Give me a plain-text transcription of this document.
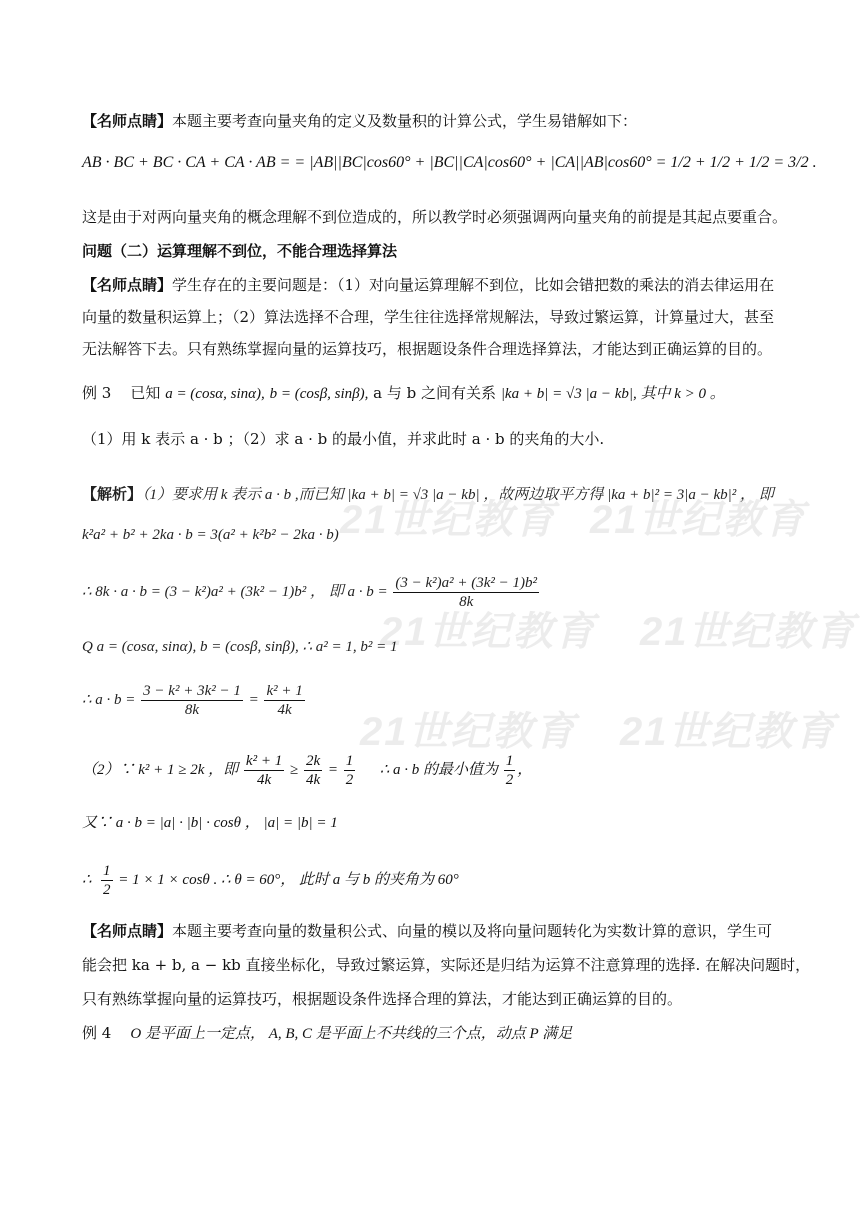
21世纪教育 21世纪教育
21世纪教育 21世纪教育
21世纪教育 21世纪教育
【名师点睛】本题主要考查向量夹角的定义及数量积的计算公式，学生易错解如下：
AB · BC + BC · CA + CA · AB = = |AB||BC|cos60° + |BC||CA|cos60° + |CA||AB|cos60° = 1/2 + 1/2 + 1/2 = 3/2 .
这是由于对两向量夹角的概念理解不到位造成的，所以教学时必须强调两向量夹角的前提是其起点要重合。
问题（二）运算理解不到位，不能合理选择算法
【名师点睛】学生存在的主要问题是：（1）对向量运算理解不到位，比如会错把数的乘法的消去律运用在
向量的数量积运算上；（2）算法选择不合理，学生往往选择常规解法，导致过繁运算，计算量过大，甚至
无法解答下去。只有熟练掌握向量的运算技巧，根据题设条件合理选择算法，才能达到正确运算的目的。
例 3 已知 a = (cosα, sinα), b = (cosβ, sinβ), a 与 b 之间有关系 |ka + b| = √3 |a − kb|, 其中 k > 0 。
（1）用 k 表示 a · b ；（2）求 a · b 的最小值，并求此时 a · b 的夹角的大小.
【解析】（1）要求用 k 表示 a · b ,而已知 |ka + b| = √3 |a − kb| ，故两边取平方得 |ka + b|² = 3|a − kb|² ， 即
k²a² + b² + 2ka · b = 3(a² + k²b² − 2ka · b)
∴ 8k · a · b = (3 − k²)a² + (3k² − 1)b² ， 即 $a \cdot b = \frac{\text{(3 − k²)a² + (3k² − 1)b²}}{8k}$
Q a = (cosα, sinα), b = (cosβ, sinβ), ∴ a² = 1, b² = 1
∴ $a \cdot b = \frac{\text{3 − k² + 3k² − 1}}{8k} = \frac{\text{k² + 1}}{4k}$
（2）∵ k² + 1 ≥ 2k ，即 $\frac{\text{k² + 1}}{4k} \ge \frac{2k}{4k} = \frac{1}{2}$ ∴ a · b 的最小值为 $\frac{1}{2}$ ，
又∵ a · b = |a| · |b| · cosθ ， |a| = |b| = 1
∴ $\frac{1}{2} = 1 \times 1 \times \cos\theta$ . ∴ θ = 60°， 此时 a 与 b 的夹角为 60°
【名师点睛】本题主要考查向量的数量积公式、向量的模以及将向量问题转化为实数计算的意识，学生可
能会把 ka + b, a − kb 直接坐标化，导致过繁运算，实际还是归结为运算不注意算理的选择. 在解决问题时，
只有熟练掌握向量的运算技巧，根据题设条件选择合理的算法，才能达到正确运算的目的。
例 4 O 是平面上一定点， A, B, C 是平面上不共线的三个点，动点 P 满足
